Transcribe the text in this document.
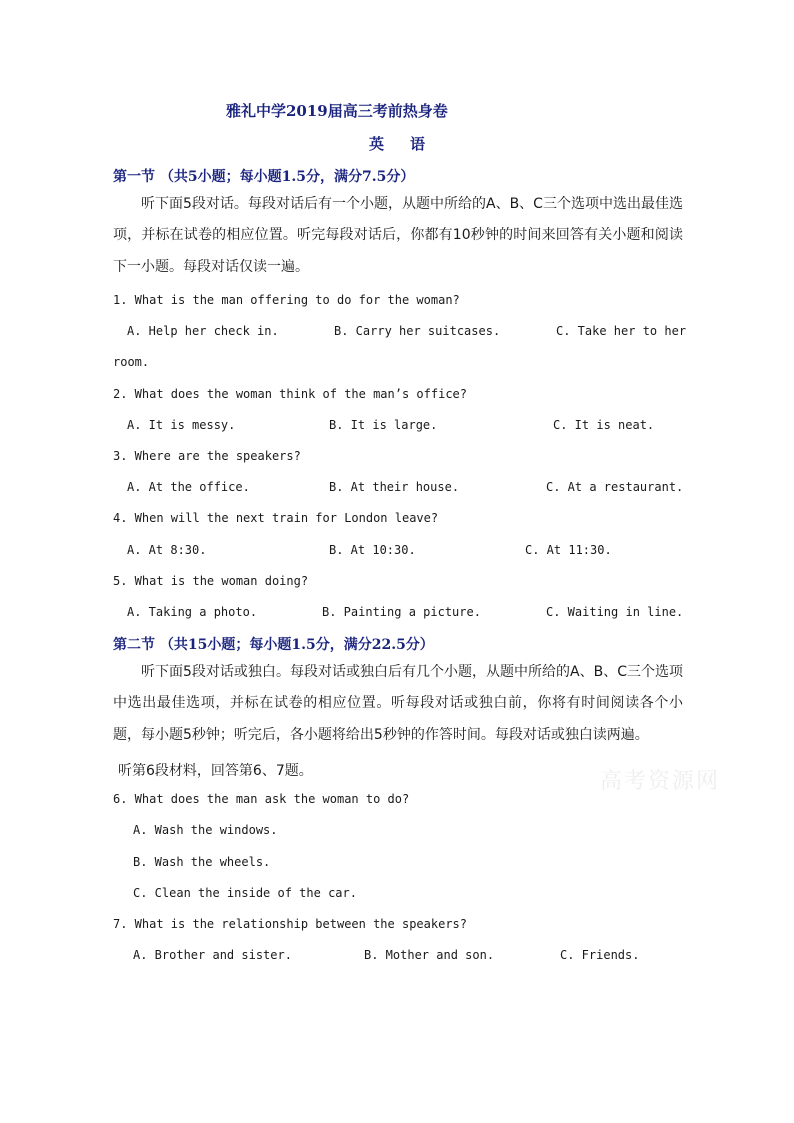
雅礼中学2019届高三考前热身卷
英 语
第一节 （共5小题；每小题1.5分，满分7.5分）
听下面5段对话。每段对话后有一个小题，从题中所给的A、B、C三个选项中选出最佳选项，并标在试卷的相应位置。听完每段对话后，你都有10秒钟的时间来回答有关小题和阅读下一小题。每段对话仅读一遍。
1. What is the man offering to do for the woman?
A. Help her check in.	B. Carry her suitcases.	C. Take her to her
room.
2. What does the woman think of the man’s office?
A. It is messy.	B. It is large.	C. It is neat.
3. Where are the speakers?
A. At the office.	B. At their house.	C. At a restaurant.
4. When will the next train for London leave?
A. At 8:30.	B. At 10:30.	C. At 11:30.
5. What is the woman doing?
A. Taking a photo.	B. Painting a picture.	C. Waiting in line.
第二节 （共15小题；每小题1.5分，满分22.5分）
听下面5段对话或独白。每段对话或独白后有几个小题，从题中所给的A、B、C三个选项中选出最佳选项，并标在试卷的相应位置。听每段对话或独白前，你将有时间阅读各个小题，每小题5秒钟；听完后，各小题将给出5秒钟的作答时间。每段对话或独白读两遍。
听第6段材料，回答第6、7题。	高考资源网
6. What does the man ask the woman to do?
A. Wash the windows.
B. Wash the wheels.
C. Clean the inside of the car.
7. What is the relationship between the speakers?
A. Brother and sister.	B. Mother and son.	C. Friends.
